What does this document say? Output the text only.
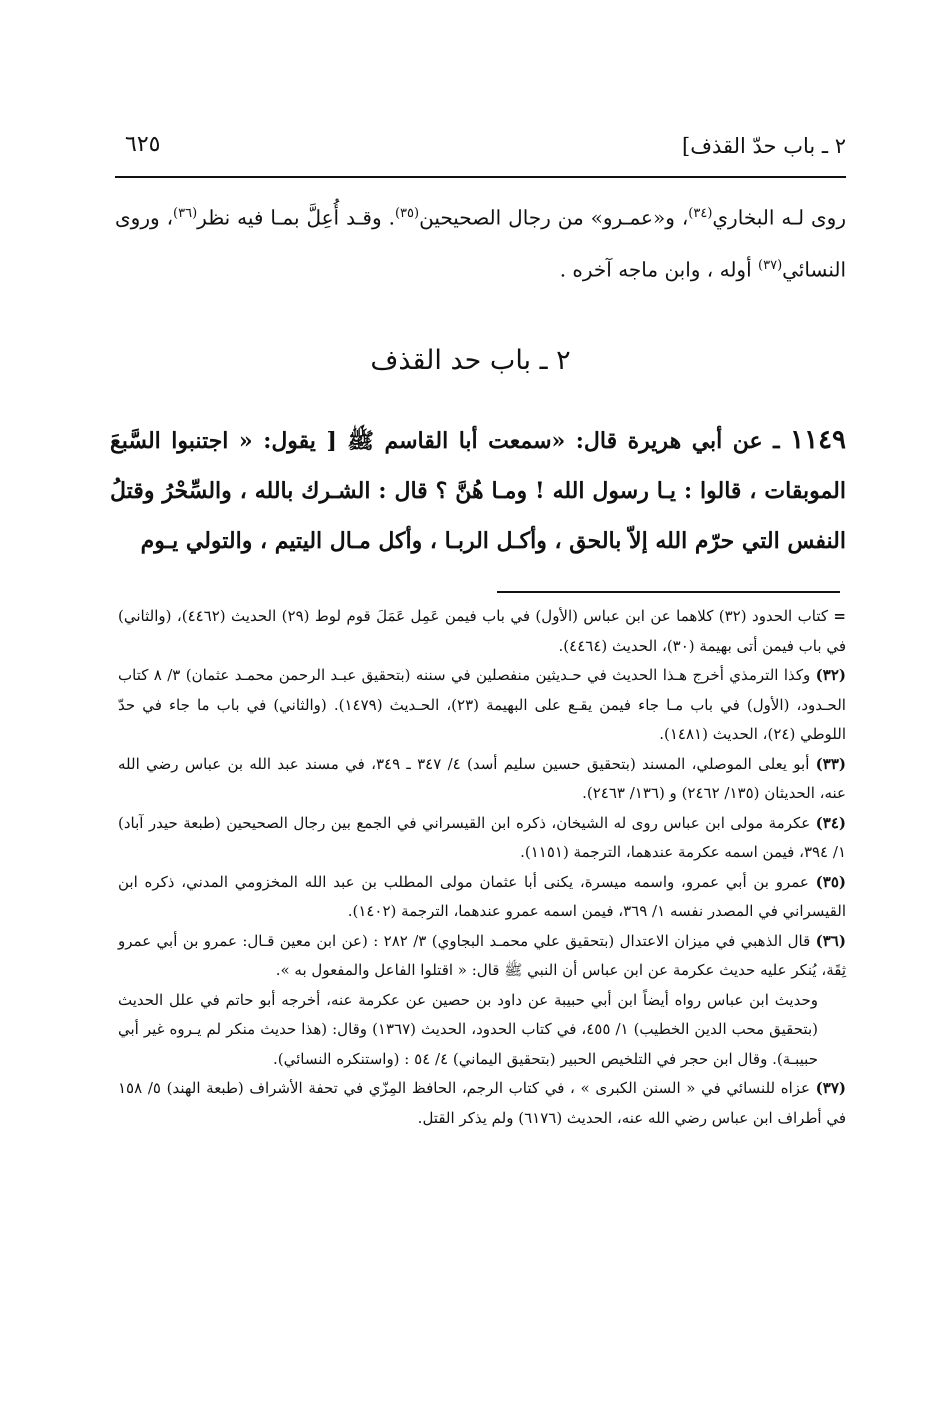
٢ ـ باب حدّ القذف]
٦٢٥
روى لـه البخاري$^{(٣٤)}$، و«عمـرو» من رجال الصحيحين$^{(٣٥)}$. وقـد أُعِلَّ بمـا فيه نظر$^{(٣٦)}$، وروى النسائي$^{(٣٧)}$ أوله ، وابن ماجه آخره .
٢ ـ باب حد القذف
١١٤٩ ـ عن أبي هريرة قال: «سمعت أبا القاسم ﷺ [ يقول: « اجتنبوا السَّبعَ الموبقات ، قالوا : يـا رسول الله ! ومـا هُنَّ ؟ قال : الشـرك بالله ، والسِّحْرُ وقتلُ النفس التي حرّم الله إلاّ بالحق ، وأكـل الربـا ، وأكل مـال اليتيم ، والتولي يـوم

= كتاب الحدود (٣٢) كلاهما عن ابن عباس (الأول) في باب فيمن عَمِل عَمَلَ قوم لوط (٢٩) الحديث (٤٤٦٢)، (والثاني) في باب فيمن أتى بهيمة (٣٠)، الحديث (٤٤٦٤).

(٣٢) وكذا الترمذي أخرج هـذا الحديث في حـديثين منفصلين في سننه (بتحقيق عبـد الرحمن محمـد عثمان) ٣/ ٨ كتاب الحـدود، (الأول) في باب مـا جاء فيمن يقـع على البهيمة (٢٣)، الحـديث (١٤٧٩). (والثاني) في باب ما جاء في حدّ اللوطي (٢٤)، الحديث (١٤٨١).

(٣٣) أبو يعلى الموصلي، المسند (بتحقيق حسين سليم أسد) ٤/ ٣٤٧ ـ ٣٤٩، في مسند عبد الله بن عباس رضي الله عنه، الحديثان (١٣٥/ ٢٤٦٢) و (١٣٦/ ٢٤٦٣).

(٣٤) عكرمة مولى ابن عباس روى له الشيخان، ذكره ابن القيسراني في الجمع بين رجال الصحيحين (طبعة حيدر آباد) ١/ ٣٩٤، فيمن اسمه عكرمة عندهما، الترجمة (١١٥١).

(٣٥) عمرو بن أبي عمرو، واسمه ميسرة، يكنى أبا عثمان مولى المطلب بن عبد الله المخزومي المدني، ذكره ابن القيسراني في المصدر نفسه ١/ ٣٦٩، فيمن اسمه عمرو عندهما، الترجمة (١٤٠٢).

(٣٦) قال الذهبي في ميزان الاعتدال (بتحقيق علي محمـد البجاوي) ٣/ ٢٨٢ : (عن ابن معين قـال: عمرو بن أبي عمرو ثِقَة، يُنكر عليه حديث عكرمة عن ابن عباس أن النبي ﷺ قال: « اقتلوا الفاعل والمفعول به ».

وحديث ابن عباس رواه أيضاً ابن أبي حبيبة عن داود بن حصين عن عكرمة عنه، أخرجه أبو حاتم في علل الحديث (بتحقيق محب الدين الخطيب) ١/ ٤٥٥، في كتاب الحدود، الحديث (١٣٦٧) وقال: (هذا حديث منكر لم يـروه غير أبي حبيبـة). وقال ابن حجر في التلخيص الحبير (بتحقيق اليماني) ٤/ ٥٤ : (واستنكره النسائي).

(٣٧) عزاه للنسائي في « السنن الكبرى » ، في كتاب الرجم، الحافظ المِزّي في تحفة الأشراف (طبعة الهند) ٥/ ١٥٨ في أطراف ابن عباس رضي الله عنه، الحديث (٦١٧٦) ولم يذكر القتل.
